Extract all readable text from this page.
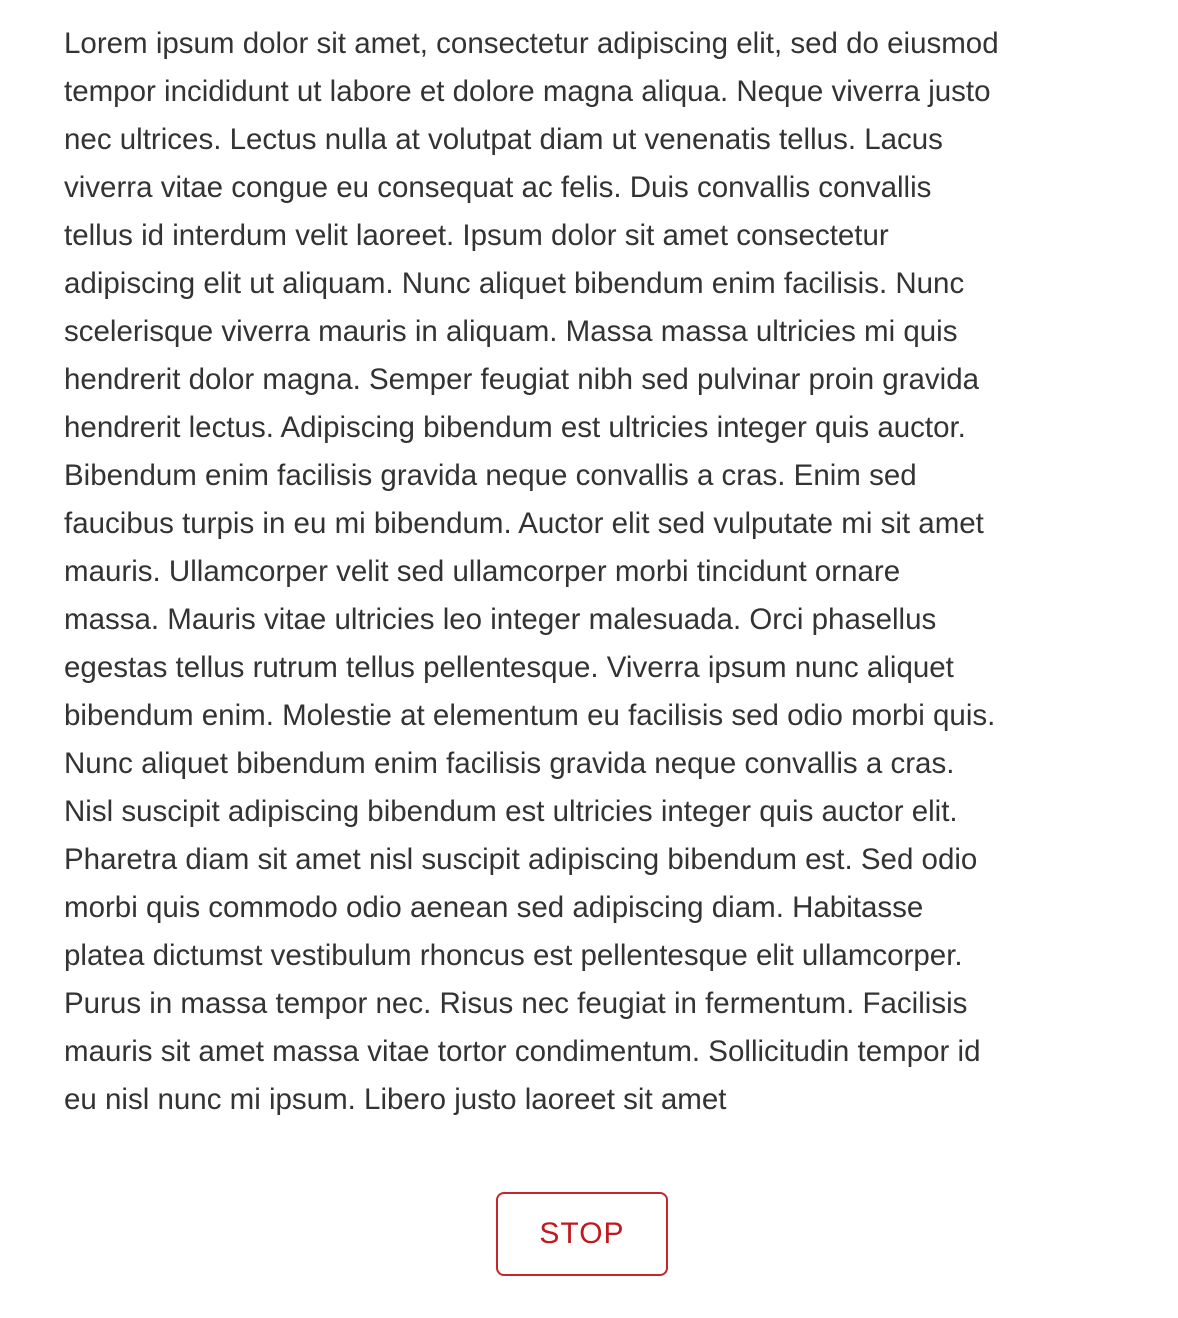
Lorem ipsum dolor sit amet, consectetur adipiscing elit, sed do eiusmod
tempor incididunt ut labore et dolore magna aliqua. Neque viverra justo
nec ultrices. Lectus nulla at volutpat diam ut venenatis tellus. Lacus
viverra vitae congue eu consequat ac felis. Duis convallis convallis
tellus id interdum velit laoreet. Ipsum dolor sit amet consectetur
adipiscing elit ut aliquam. Nunc aliquet bibendum enim facilisis. Nunc
scelerisque viverra mauris in aliquam. Massa massa ultricies mi quis
hendrerit dolor magna. Semper feugiat nibh sed pulvinar proin gravida
hendrerit lectus. Adipiscing bibendum est ultricies integer quis auctor.
Bibendum enim facilisis gravida neque convallis a cras. Enim sed
faucibus turpis in eu mi bibendum. Auctor elit sed vulputate mi sit amet
mauris. Ullamcorper velit sed ullamcorper morbi tincidunt ornare
massa. Mauris vitae ultricies leo integer malesuada. Orci phasellus
egestas tellus rutrum tellus pellentesque. Viverra ipsum nunc aliquet
bibendum enim. Molestie at elementum eu facilisis sed odio morbi quis.
Nunc aliquet bibendum enim facilisis gravida neque convallis a cras.
Nisl suscipit adipiscing bibendum est ultricies integer quis auctor elit.
Pharetra diam sit amet nisl suscipit adipiscing bibendum est. Sed odio
morbi quis commodo odio aenean sed adipiscing diam. Habitasse
platea dictumst vestibulum rhoncus est pellentesque elit ullamcorper.
Purus in massa tempor nec. Risus nec feugiat in fermentum. Facilisis
mauris sit amet massa vitae tortor condimentum. Sollicitudin tempor id
eu nisl nunc mi ipsum. Libero justo laoreet sit amet

STOP
